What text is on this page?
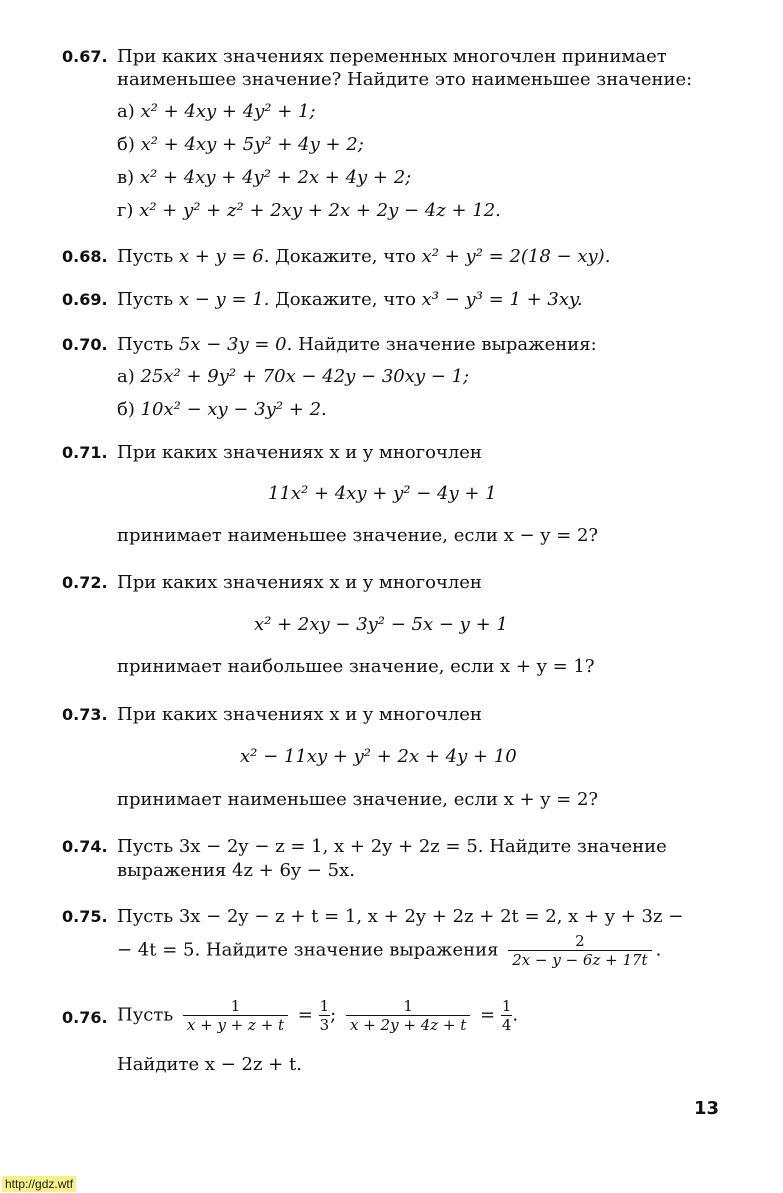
0.67. При каких значениях переменных многочлен принимает
наименьшее значение? Найдите это наименьшее значение:
а) x² + 4xy + 4y² + 1;
б) x² + 4xy + 5y² + 4y + 2;
в) x² + 4xy + 4y² + 2x + 4y + 2;
г) x² + y² + z² + 2xy + 2x + 2y − 4z + 12.
0.68. Пусть x + y = 6. Докажите, что x² + y² = 2(18 − xy).
0.69. Пусть x − y = 1. Докажите, что x³ − y³ = 1 + 3xy.
0.70. Пусть 5x − 3y = 0. Найдите значение выражения:
а) 25x² + 9y² + 70x − 42y − 30xy − 1;
б) 10x² − xy − 3y² + 2.
0.71. При каких значениях x и y многочлен
11x² + 4xy + y² − 4y + 1
принимает наименьшее значение, если x − y = 2?
0.72. При каких значениях x и y многочлен
x² + 2xy − 3y² − 5x − y + 1
принимает наибольшее значение, если x + y = 1?
0.73. При каких значениях x и y многочлен
x² − 11xy + y² + 2x + 4y + 10
принимает наименьшее значение, если x + y = 2?
0.74. Пусть 3x − 2y − z = 1, x + 2y + 2z = 5. Найдите значение
выражения 4z + 6y − 5x.
0.75. Пусть 3x − 2y − z + t = 1, x + 2y + 2z + 2t = 2, x + y + 3z −
− 4t = 5. Найдите значение выражения $\frac{2}{2x - y - 6z + 17t}$ .
0.76. Пусть $\frac{1}{x + y + z + t} = \frac{1}{3}$ ; $\frac{1}{x + 2y + 4z + t} = \frac{1}{4}$ .
Найдите x − 2z + t.
13
http://gdz.wtf
